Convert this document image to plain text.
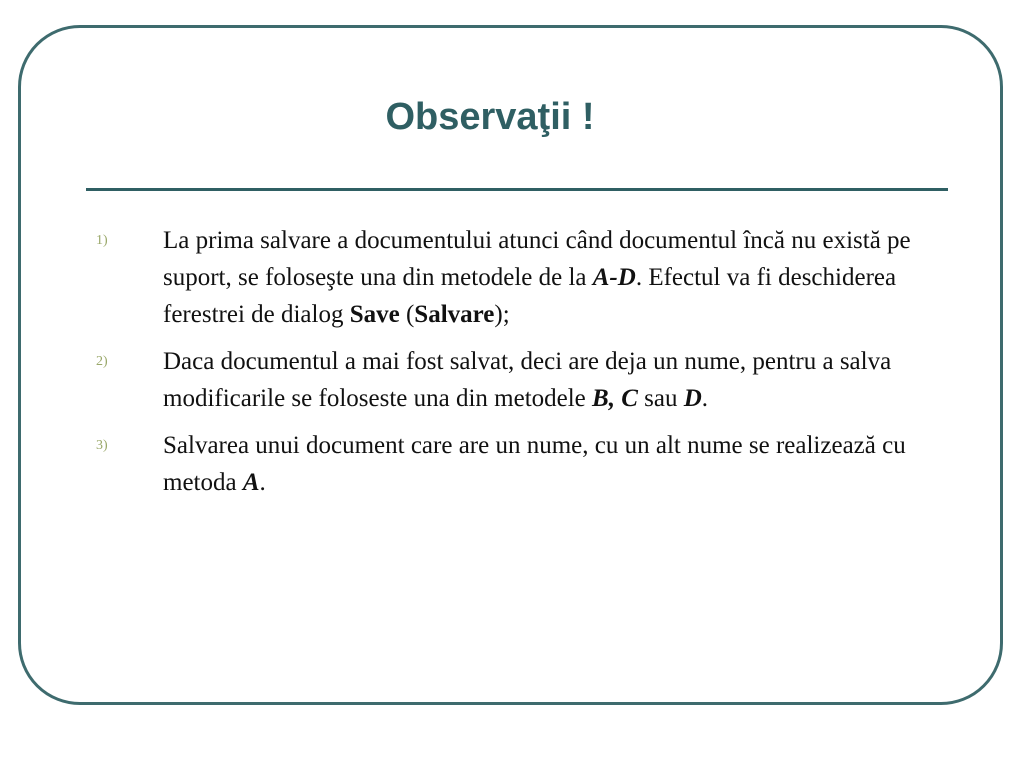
Observaţii !
1) La prima salvare a documentului atunci când documentul încă nu există pe suport, se foloseşte una din metodele de la A-D. Efectul va fi deschiderea ferestrei de dialog Save (Salvare);
2) Daca documentul a mai fost salvat, deci are deja un nume, pentru a salva modificarile se foloseste una din metodele B, C sau D.
3) Salvarea unui document care are un nume, cu un alt nume se realizează cu metoda A.
